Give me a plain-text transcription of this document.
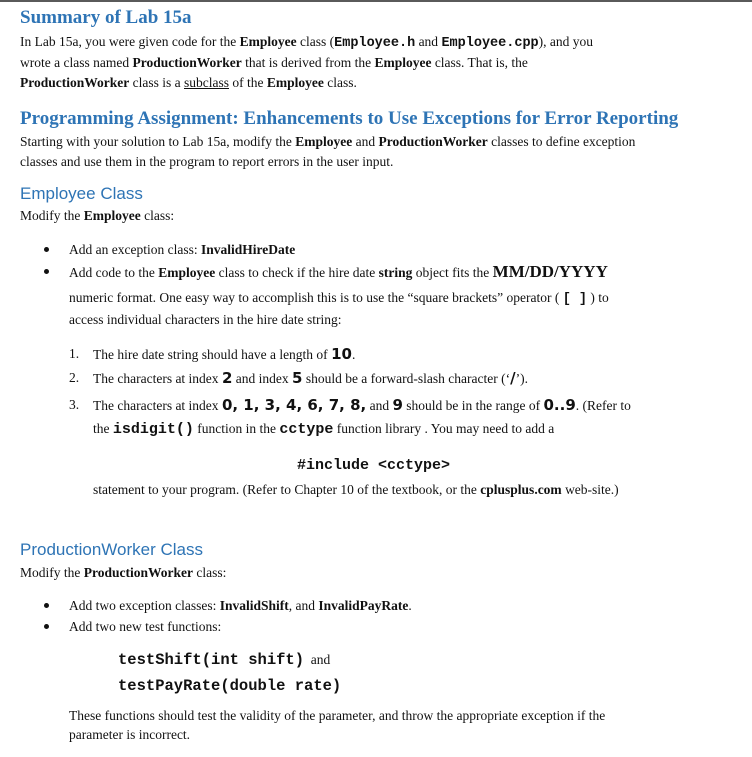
Summary of Lab 15a
In Lab 15a, you were given code for the Employee class (Employee.h and Employee.cpp), and you
wrote a class named ProductionWorker that is derived from the Employee class. That is, the
ProductionWorker class is a subclass of the Employee class.
Programming Assignment: Enhancements to Use Exceptions for Error Reporting
Starting with your solution to Lab 15a, modify the Employee and ProductionWorker classes to define exception
classes and use them in the program to report errors in the user input.
Employee Class
Modify the Employee class:
Add an exception class: InvalidHireDate
Add code to the Employee class to check if the hire date string object fits the MM/DD/YYYY
numeric format. One easy way to accomplish this is to use the “square brackets” operator ( [ ] ) to
access individual characters in the hire date string:
1. The hire date string should have a length of 10.
2. The characters at index 2 and index 5 should be a forward-slash character (‘/’).
3. The characters at index 0, 1, 3, 4, 6, 7, 8, and 9 should be in the range of 0..9. (Refer to
the isdigit() function in the cctype function library . You may need to add a
#include <cctype>
statement to your program. (Refer to Chapter 10 of the textbook, or the cplusplus.com web-site.)
ProductionWorker Class
Modify the ProductionWorker class:
Add two exception classes: InvalidShift, and InvalidPayRate.
Add two new test functions:
testShift(int shift) and
testPayRate(double rate)
These functions should test the validity of the parameter, and throw the appropriate exception if the
parameter is incorrect.
